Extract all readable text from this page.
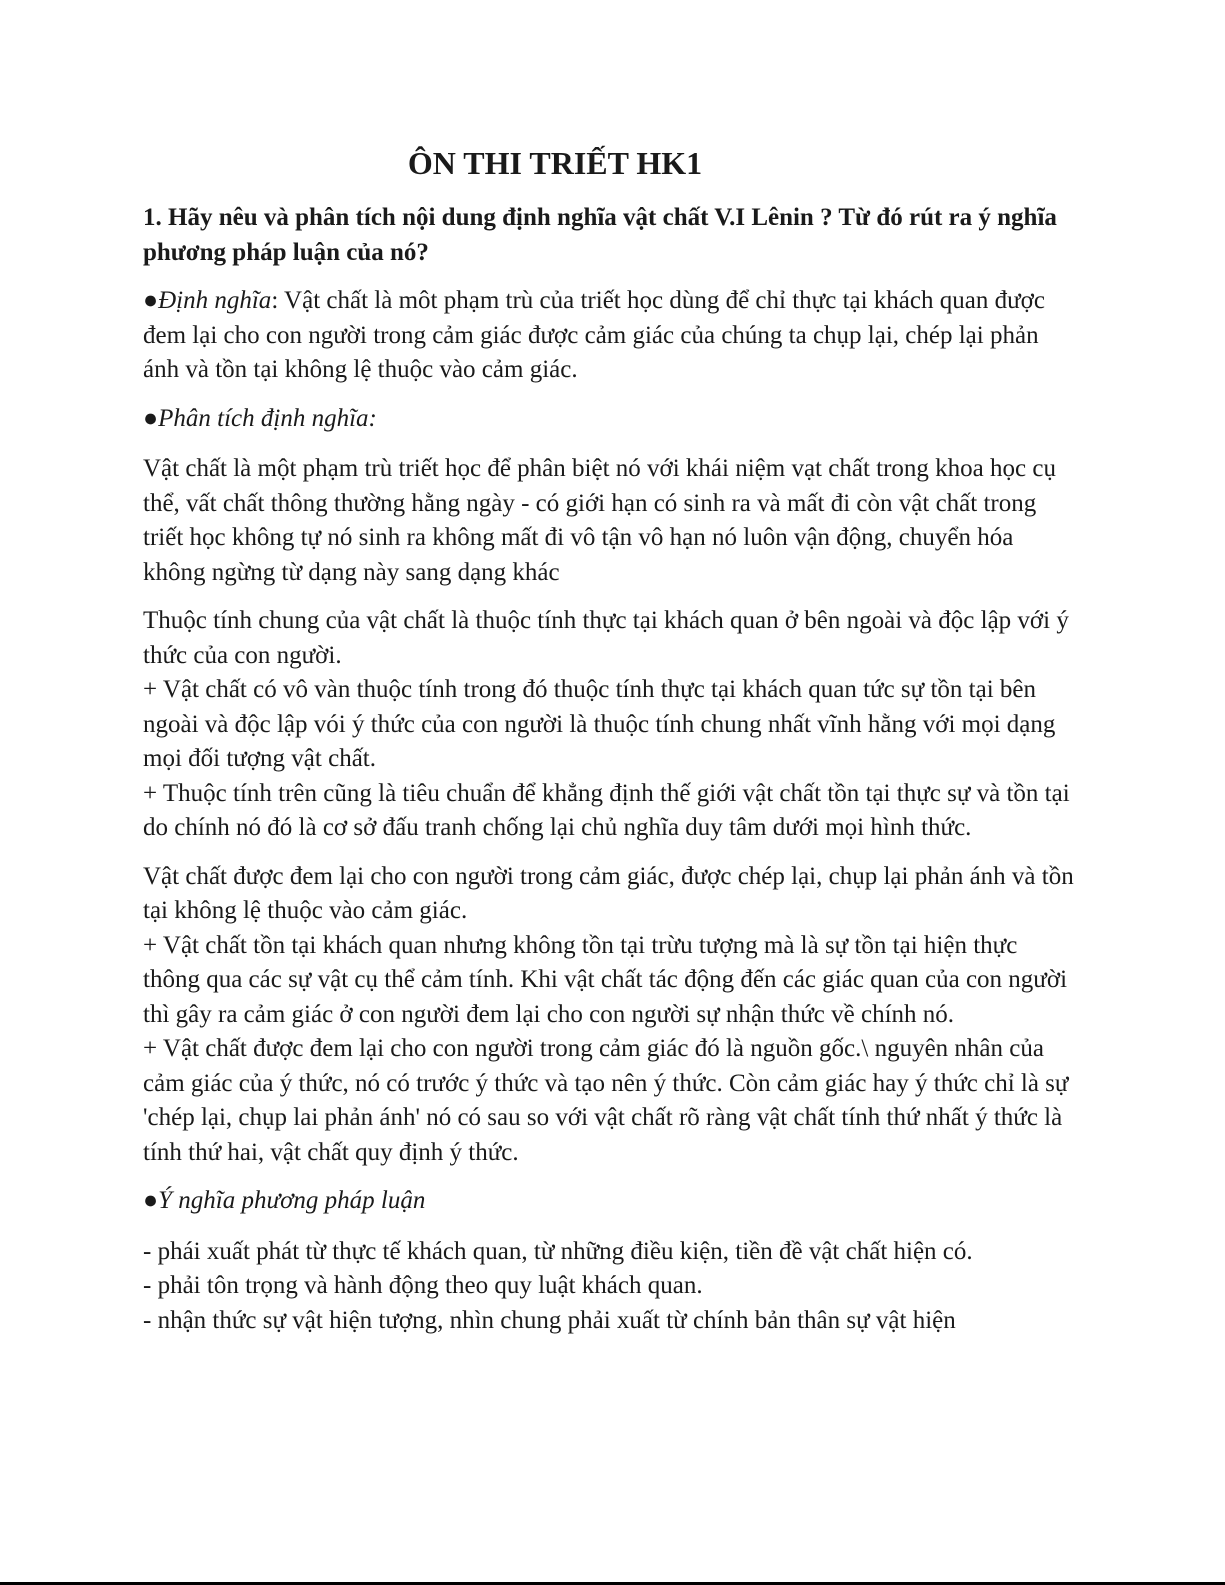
ÔN THI TRIẾT HK1
1. Hãy nêu và phân tích nội dung định nghĩa vật chất V.I Lênin ? Từ đó rút ra ý nghĩa phương pháp luận của nó?

●Định nghĩa: Vật chất là môt phạm trù của triết học dùng để chỉ thực tại khách quan được đem lại cho con người trong cảm giác được cảm giác của chúng ta chụp lại, chép lại phản ánh và tồn tại không lệ thuộc vào cảm giác.

●Phân tích định nghĩa:

Vật chất là một phạm trù triết học để phân biệt nó với khái niệm vạt chất trong khoa học cụ thể, vất chất thông thường hằng ngày - có giới hạn có sinh ra và mất đi còn vật chất trong triết học không tự nó sinh ra không mất đi vô tận vô hạn nó luôn vận động, chuyển hóa không ngừng từ dạng này sang dạng khác

Thuộc tính chung của vật chất là thuộc tính thực tại khách quan ở bên ngoài và độc lập với ý thức của con người.
+ Vật chất có vô vàn thuộc tính trong đó thuộc tính thực tại khách quan tức sự tồn tại bên ngoài và độc lập vói ý thức của con người là thuộc tính chung nhất vĩnh hằng với mọi dạng mọi đối tượng vật chất.
+ Thuộc tính trên cũng là tiêu chuẩn để khẳng định thế giới vật chất tồn tại thực sự và tồn tại do chính nó đó là cơ sở đấu tranh chống lại chủ nghĩa duy tâm dưới mọi hình thức.

Vật chất được đem lại cho con người trong cảm giác, được chép lại, chụp lại phản ánh và tồn tại không lệ thuộc vào cảm giác.
+ Vật chất tồn tại khách quan nhưng không tồn tại trừu tượng mà là sự tồn tại hiện thực thông qua các sự vật cụ thể cảm tính. Khi vật chất tác động đến các giác quan của con người thì gây ra cảm giác ở con người đem lại cho con người sự nhận thức về chính nó.
+ Vật chất được đem lại cho con người trong cảm giác đó là nguồn gốc.\ nguyên nhân của cảm giác của ý thức, nó có trước ý thức và tạo nên ý thức. Còn cảm giác hay ý thức chỉ là sự 'chép lại, chụp lai phản ánh' nó có sau so với vật chất rõ ràng vật chất tính thứ nhất ý thức là tính thứ hai, vật chất quy định ý thức.

●Ý nghĩa phương pháp luận

- phái xuất phát từ thực tế khách quan, từ những điều kiện, tiền đề vật chất hiện có.
- phải tôn trọng và hành động theo quy luật khách quan.
- nhận thức sự vật hiện tượng, nhìn chung phải xuất từ chính bản thân sự vật hiện
